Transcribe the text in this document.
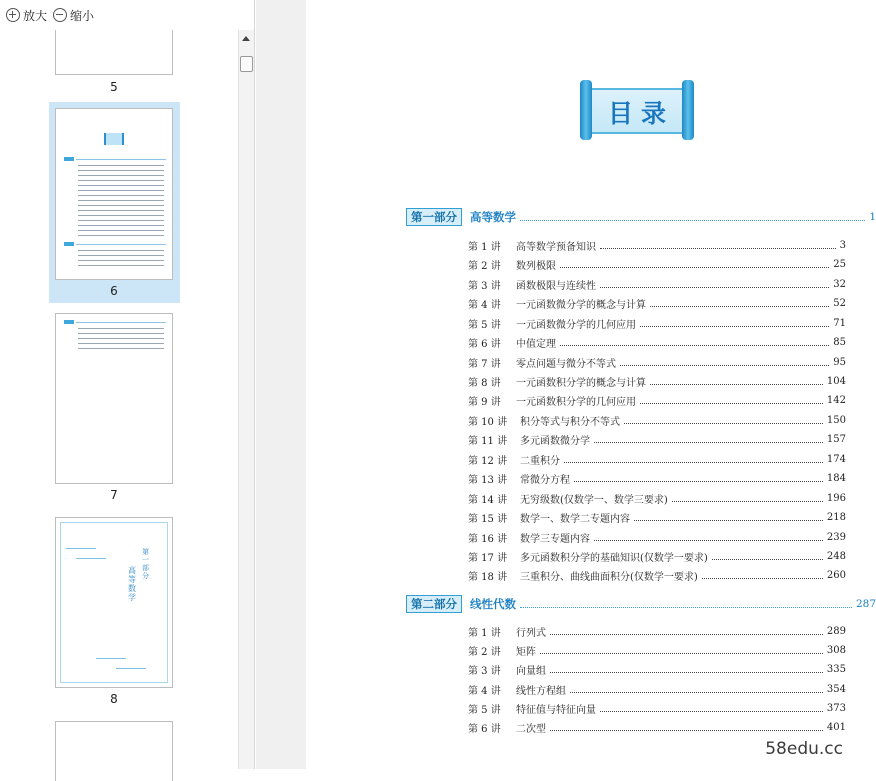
放大 缩小
5
6
7
第一部分
高等数学
8
目录
第一部分	高等数学	1
第 1 讲	高等数学预备知识	3
第 2 讲	数列极限	25
第 3 讲	函数极限与连续性	32
第 4 讲	一元函数微分学的概念与计算	52
第 5 讲	一元函数微分学的几何应用	71
第 6 讲	中值定理	85
第 7 讲	零点问题与微分不等式	95
第 8 讲	一元函数积分学的概念与计算	104
第 9 讲	一元函数积分学的几何应用	142
第 10 讲	积分等式与积分不等式	150
第 11 讲	多元函数微分学	157
第 12 讲	二重积分	174
第 13 讲	常微分方程	184
第 14 讲	无穷级数(仅数学一、数学三要求)	196
第 15 讲	数学一、数学二专题内容	218
第 16 讲	数学三专题内容	239
第 17 讲	多元函数积分学的基础知识(仅数学一要求)	248
第 18 讲	三重积分、曲线曲面积分(仅数学一要求)	260
第二部分	线性代数	287
第 1 讲	行列式	289
第 2 讲	矩阵	308
第 3 讲	向量组	335
第 4 讲	线性方程组	354
第 5 讲	特征值与特征向量	373
第 6 讲	二次型	401
58edu.cc
